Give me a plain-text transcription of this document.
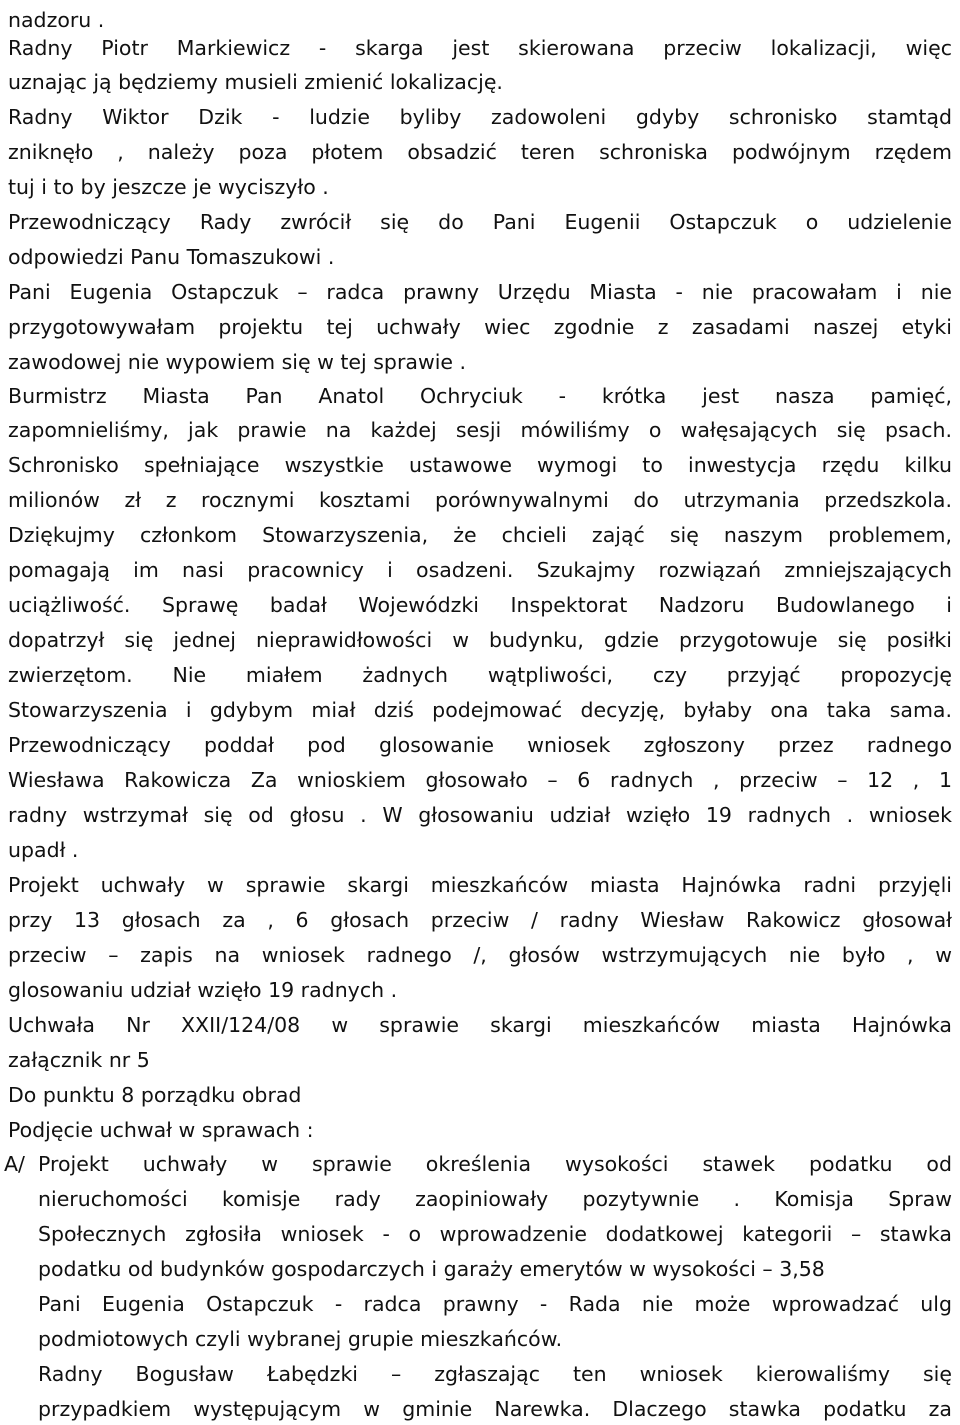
nadzoru .
Radny Piotr Markiewicz - skarga jest skierowana przeciw lokalizacji, więc
uznając ją będziemy musieli zmienić lokalizację.
Radny Wiktor Dzik - ludzie byliby zadowoleni gdyby schronisko stamtąd
zniknęło , należy poza płotem obsadzić teren schroniska podwójnym rzędem
tuj i to by jeszcze je wyciszyło .
Przewodniczący Rady zwrócił się do Pani Eugenii Ostapczuk o udzielenie
odpowiedzi Panu Tomaszukowi .
Pani Eugenia Ostapczuk – radca prawny Urzędu Miasta - nie pracowałam i nie
przygotowywałam projektu tej uchwały wiec zgodnie z zasadami naszej etyki
zawodowej nie wypowiem się w tej sprawie .
Burmistrz Miasta Pan Anatol Ochryciuk - krótka jest nasza pamięć,
zapomnieliśmy, jak prawie na każdej sesji mówiliśmy o wałęsających się psach.
Schronisko spełniające wszystkie ustawowe wymogi to inwestycja rzędu kilku
milionów zł z rocznymi kosztami porównywalnymi do utrzymania przedszkola.
Dziękujmy członkom Stowarzyszenia, że chcieli zająć się naszym problemem,
pomagają im nasi pracownicy i osadzeni. Szukajmy rozwiązań zmniejszających
uciążliwość. Sprawę badał Wojewódzki Inspektorat Nadzoru Budowlanego i
dopatrzył się jednej nieprawidłowości w budynku, gdzie przygotowuje się posiłki
zwierzętom. Nie miałem żadnych wątpliwości, czy przyjąć propozycję
Stowarzyszenia i gdybym miał dziś podejmować decyzję, byłaby ona taka sama.
Przewodniczący poddał pod glosowanie wniosek zgłoszony przez radnego
Wiesława Rakowicza Za wnioskiem głosowało – 6 radnych , przeciw – 12 , 1
radny wstrzymał się od głosu . W głosowaniu udział wzięło 19 radnych . wniosek
upadł .
Projekt uchwały w sprawie skargi mieszkańców miasta Hajnówka radni przyjęli
przy 13 głosach za , 6 głosach przeciw / radny Wiesław Rakowicz głosował
przeciw – zapis na wniosek radnego /, głosów wstrzymujących nie było , w
glosowaniu udział wzięło 19 radnych .
Uchwała Nr XXII/124/08 w sprawie skargi mieszkańców miasta Hajnówka
załącznik nr 5
Do punktu 8 porządku obrad
Podjęcie uchwał w sprawach :
A/ Projekt uchwały w sprawie określenia wysokości stawek podatku od
nieruchomości komisje rady zaopiniowały pozytywnie . Komisja Spraw
Społecznych zgłosiła wniosek - o wprowadzenie dodatkowej kategorii – stawka
podatku od budynków gospodarczych i garaży emerytów w wysokości – 3,58
Pani Eugenia Ostapczuk - radca prawny - Rada nie może wprowadzać ulg
podmiotowych czyli wybranej grupie mieszkańców.
Radny Bogusław Łabędzki – zgłaszając ten wniosek kierowaliśmy się
przypadkiem występującym w gminie Narewka. Dlaczego stawka podatku za
